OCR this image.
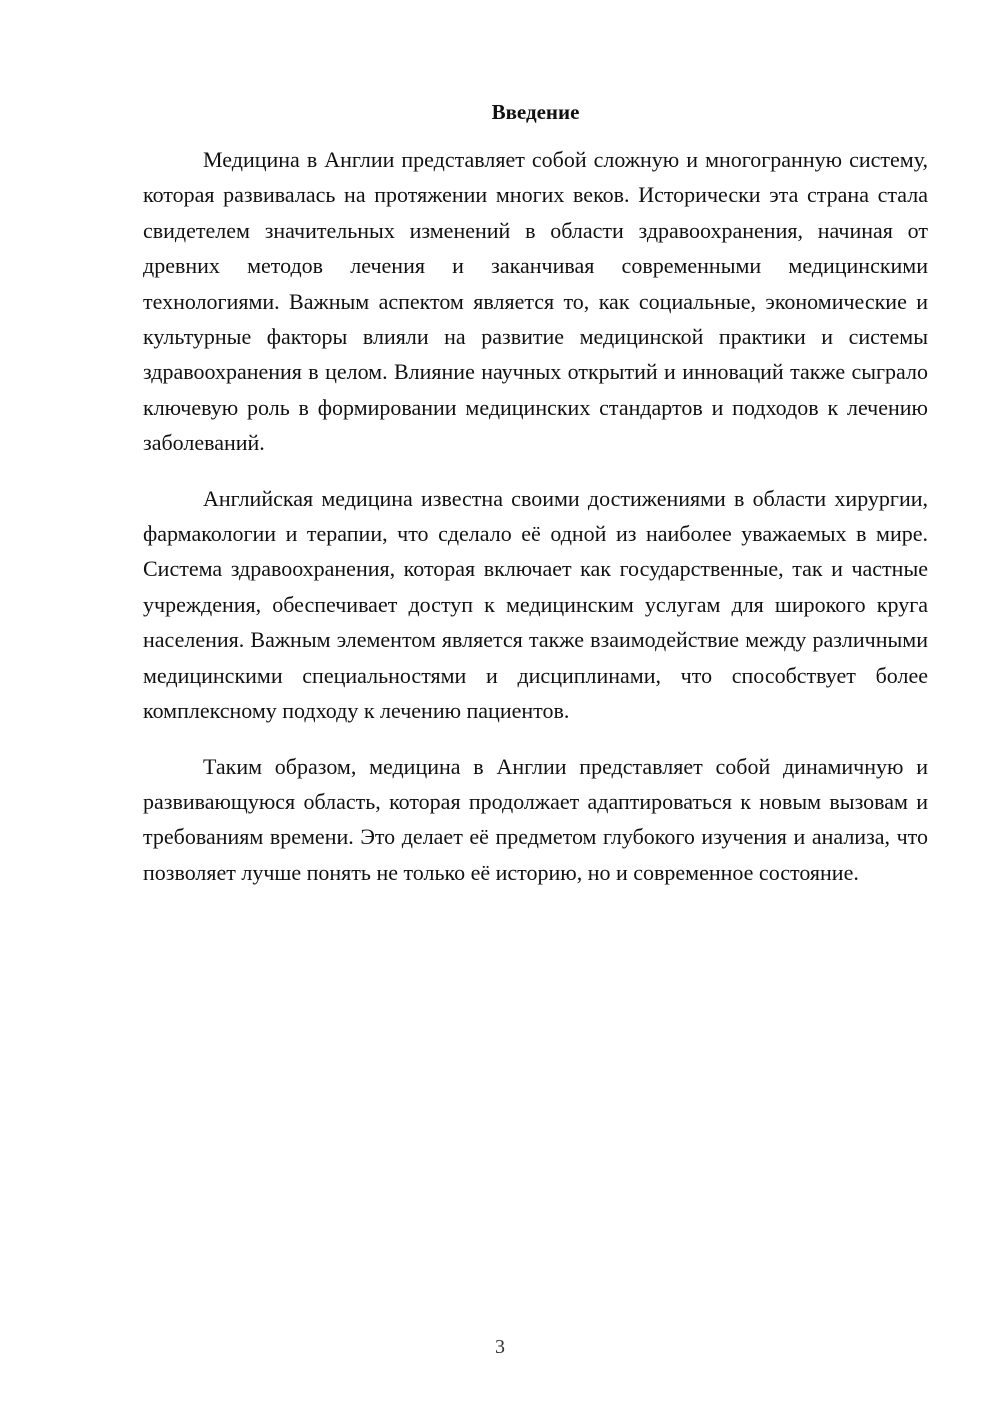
Введение

Медицина в Англии представляет собой сложную и многогранную систему, которая развивалась на протяжении многих веков. Исторически эта страна стала свидетелем значительных изменений в области здравоохранения, начиная от древних методов лечения и заканчивая современными медицинскими технологиями. Важным аспектом является то, как социальные, экономические и культурные факторы влияли на развитие медицинской практики и системы здравоохранения в целом. Влияние научных открытий и инноваций также сыграло ключевую роль в формировании медицинских стандартов и подходов к лечению заболеваний.

Английская медицина известна своими достижениями в области хирургии, фармакологии и терапии, что сделало её одной из наиболее уважаемых в мире. Система здравоохранения, которая включает как государственные, так и частные учреждения, обеспечивает доступ к медицинским услугам для широкого круга населения. Важным элементом является также взаимодействие между различными медицинскими специальностями и дисциплинами, что способствует более комплексному подходу к лечению пациентов.

Таким образом, медицина в Англии представляет собой динамичную и развивающуюся область, которая продолжает адаптироваться к новым вызовам и требованиям времени. Это делает её предметом глубокого изучения и анализа, что позволяет лучше понять не только её историю, но и современное состояние.

3
